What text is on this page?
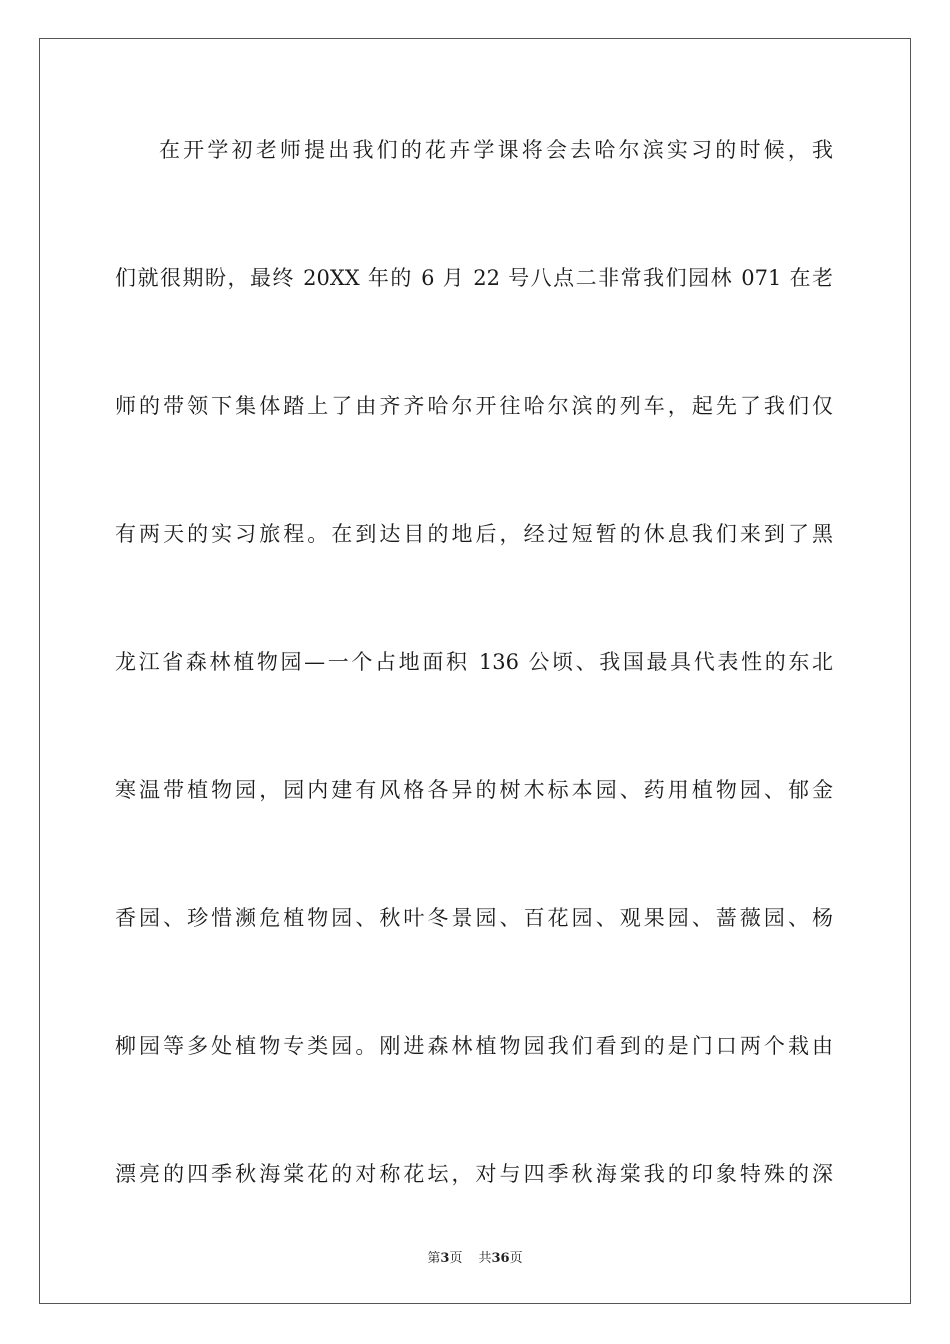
在开学初老师提出我们的花卉学课将会去哈尔滨实习的时候，我
们就很期盼，最终 20XX 年的 6 月 22 号八点二非常我们园林 071 在老
师的带领下集体踏上了由齐齐哈尔开往哈尔滨的列车，起先了我们仅
有两天的实习旅程。在到达目的地后，经过短暂的休息我们来到了黑
龙江省森林植物园—一个占地面积 136 公顷、我国最具代表性的东北
寒温带植物园，园内建有风格各异的树木标本园、药用植物园、郁金
香园、珍惜濒危植物园、秋叶冬景园、百花园、观果园、蔷薇园、杨
柳园等多处植物专类园。刚进森林植物园我们看到的是门口两个栽由
漂亮的四季秋海棠花的对称花坛，对与四季秋海棠我的印象特殊的深
第3页 共36页
